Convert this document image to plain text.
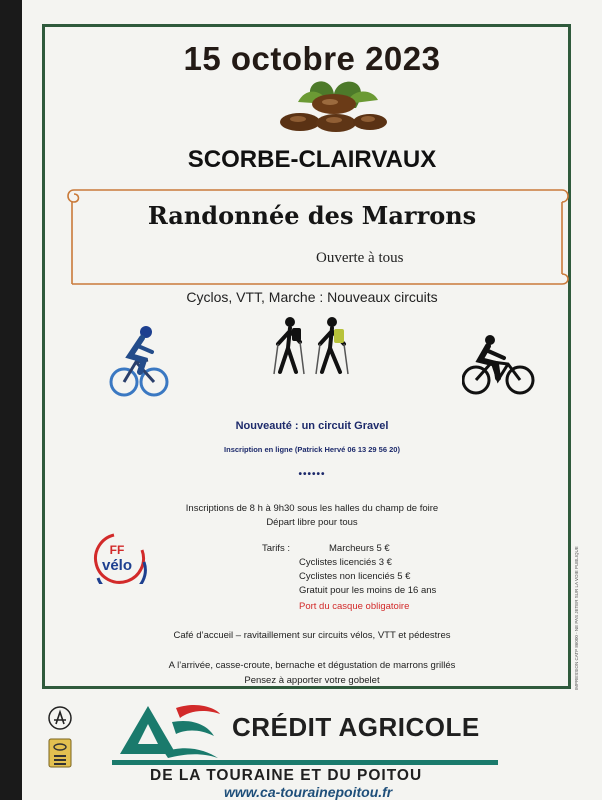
15 octobre 2023
SCORBE-CLAIRVAUX
Randonnée des Marrons
Ouverte à tous
Cyclos, VTT, Marche : Nouveaux circuits
Nouveauté : un circuit Gravel
Inscription en ligne (Patrick Hervé 06 13 29 56 20)
••••••
Inscriptions de 8 h à 9h30 sous les halles du champ de foire
Départ libre pour tous
Tarifs :	Marcheurs 5 €
Cyclistes licenciés 3 €
Cyclistes non licenciés 5 €
Gratuit pour les moins de 16 ans
Port du casque obligatoire
Café d’accueil – ravitaillement sur circuits vélos, VTT et pédestres
A l’arrivée, casse-croute, bernache et dégustation de marrons grillés
Pensez à apporter votre gobelet
FF
vélo	IMPRESSION CATP 86000 - NE PAS JETER SUR LA VOIE PUBLIQUE
CRÉDIT AGRICOLE
DE LA TOURAINE ET DU POITOU
www.ca-tourainepoitou.fr
